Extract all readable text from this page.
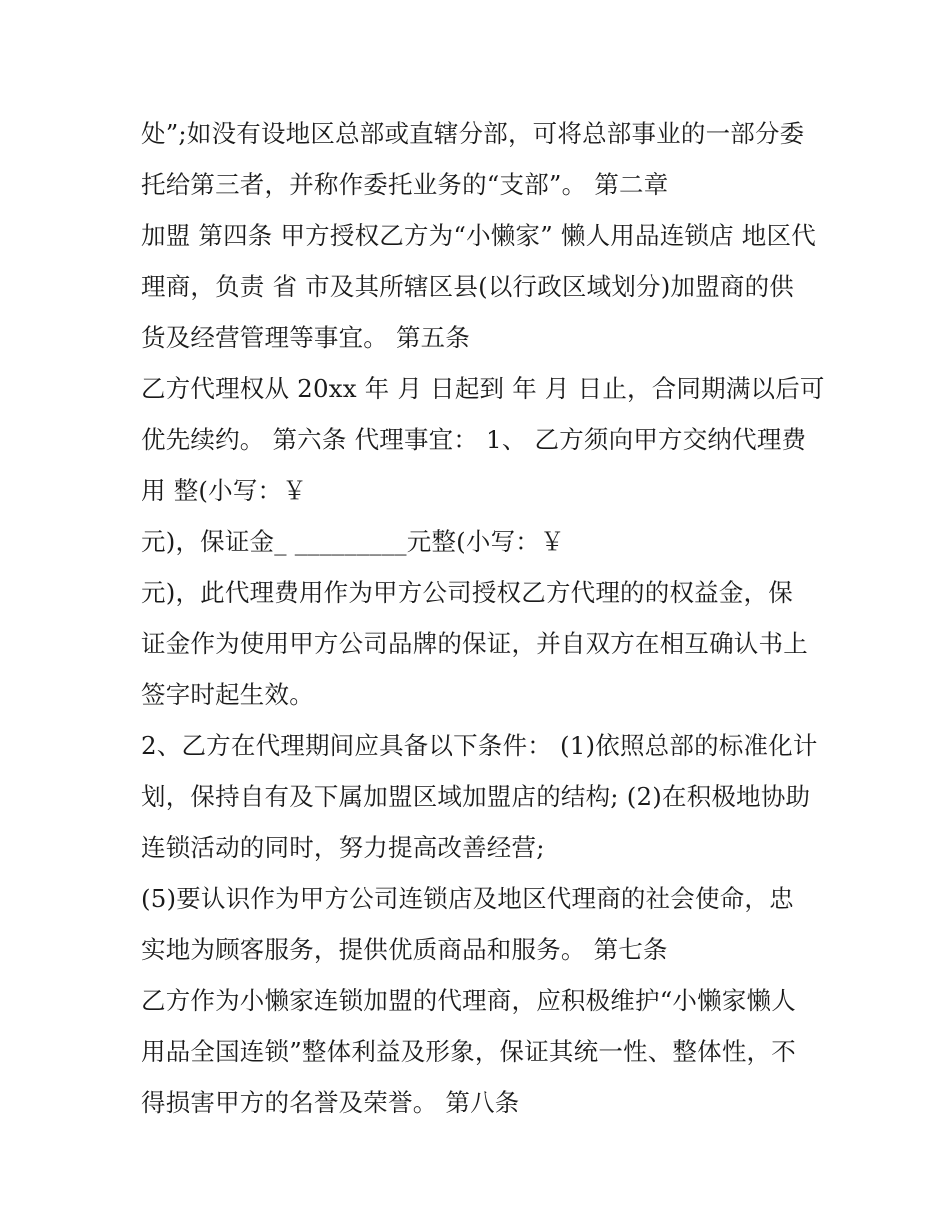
处”;如没有设地区总部或直辖分部，可将总部事业的一部分委
托给第三者，并称作委托业务的“支部”。 第二章
加盟 第四条 甲方授权乙方为“小懒家” 懒人用品连锁店 地区代
理商，负责 省 市及其所辖区县(以行政区域划分)加盟商的供
货及经营管理等事宜。 第五条
乙方代理权从 20xx 年 月 日起到 年 月 日止，合同期满以后可
优先续约。 第六条 代理事宜： 1、 乙方须向甲方交纳代理费
用 整(小写：￥
元)，保证金_ _________元整(小写：￥
元)，此代理费用作为甲方公司授权乙方代理的的权益金，保
证金作为使用甲方公司品牌的保证，并自双方在相互确认书上
签字时起生效。
2、乙方在代理期间应具备以下条件： (1)依照总部的标准化计
划，保持自有及下属加盟区域加盟店的结构; (2)在积极地协助
连锁活动的同时，努力提高改善经营;
(5)要认识作为甲方公司连锁店及地区代理商的社会使命，忠
实地为顾客服务，提供优质商品和服务。 第七条
乙方作为小懒家连锁加盟的代理商，应积极维护“小懒家懒人
用品全国连锁”整体利益及形象，保证其统一性、整体性，不
得损害甲方的名誉及荣誉。 第八条
